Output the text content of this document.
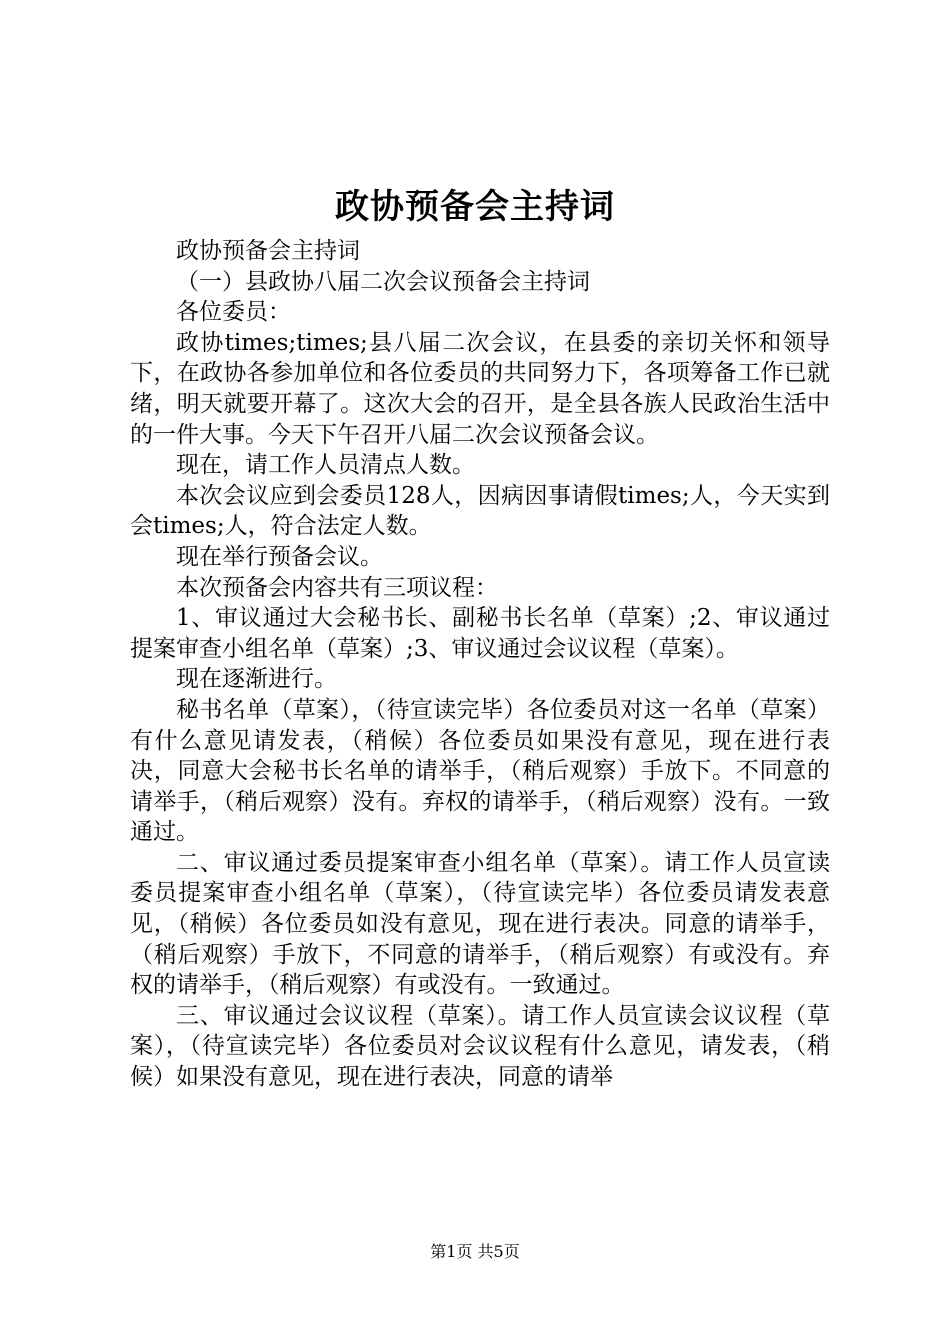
政协预备会主持词

政协预备会主持词

（一）县政协八届二次会议预备会主持词

各位委员：

政协times;times;县八届二次会议，在县委的亲切关怀和领导下，在政协各参加单位和各位委员的共同努力下，各项筹备工作已就绪，明天就要开幕了。这次大会的召开，是全县各族人民政治生活中的一件大事。今天下午召开八届二次会议预备会议。

现在，请工作人员清点人数。

本次会议应到会委员128人，因病因事请假times;人，今天实到会times;人，符合法定人数。

现在举行预备会议。

本次预备会内容共有三项议程：

1、审议通过大会秘书长、副秘书长名单（草案）;2、审议通过提案审查小组名单（草案）;3、审议通过会议议程（草案）。

现在逐渐进行。

秘书名单（草案），（待宣读完毕）各位委员对这一名单（草案）有什么意见请发表，（稍候）各位委员如果没有意见，现在进行表决，同意大会秘书长名单的请举手，（稍后观察）手放下。不同意的请举手，（稍后观察）没有。弃权的请举手，（稍后观察）没有。一致通过。

二、审议通过委员提案审查小组名单（草案）。请工作人员宣读委员提案审查小组名单（草案），（待宣读完毕）各位委员请发表意见，（稍候）各位委员如没有意见，现在进行表决。同意的请举手，（稍后观察）手放下，不同意的请举手，（稍后观察）有或没有。弃权的请举手，（稍后观察）有或没有。一致通过。

三、审议通过会议议程（草案）。请工作人员宣读会议议程（草案），（待宣读完毕）各位委员对会议议程有什么意见，请发表，（稍候）如果没有意见，现在进行表决，同意的请举

第1页 共5页
